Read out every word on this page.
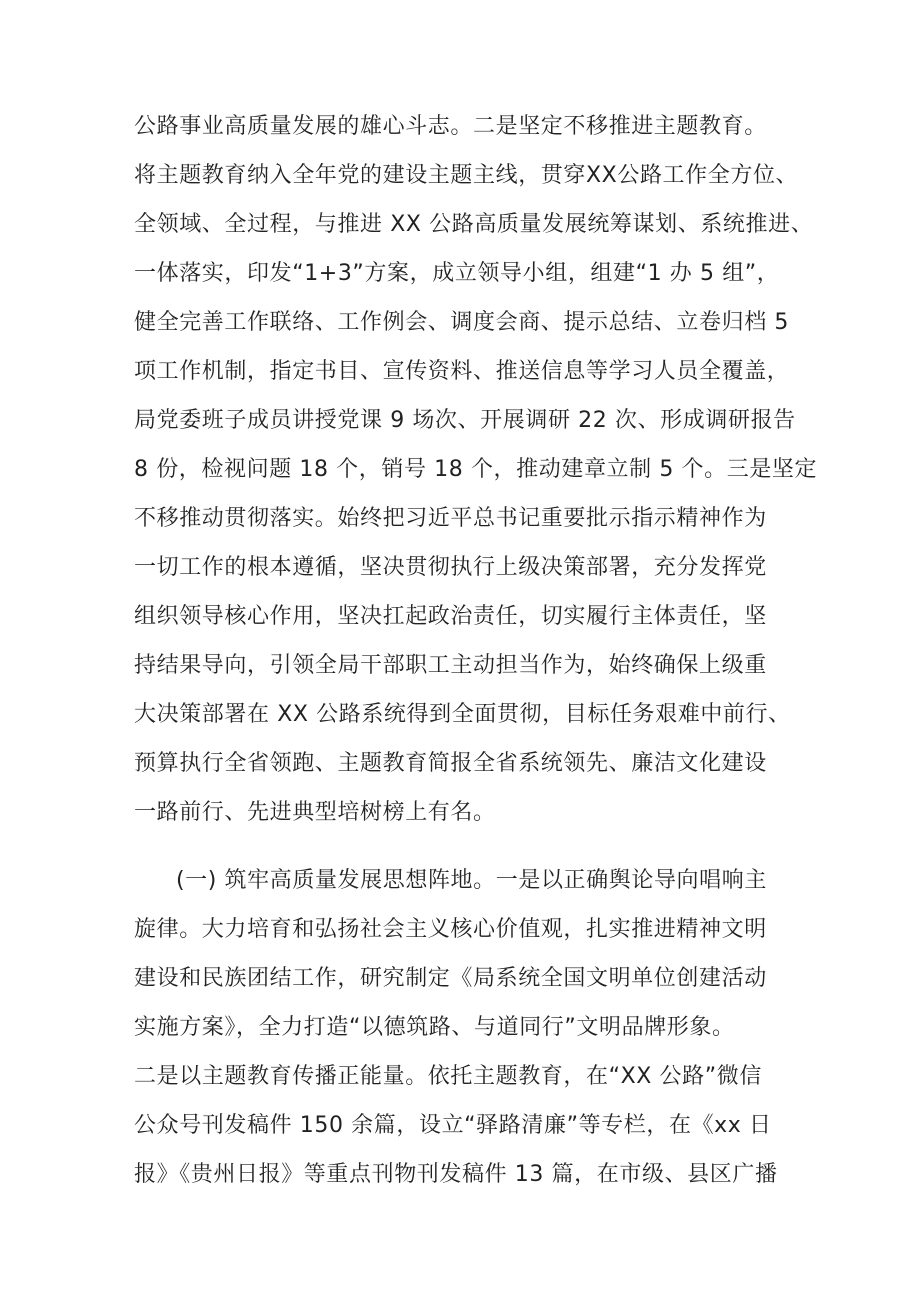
公路事业高质量发展的雄心斗志。二是坚定不移推进主题教育。
将主题教育纳入全年党的建设主题主线，贯穿XX公路工作全方位、
全领域、全过程，与推进 XX 公路高质量发展统筹谋划、系统推进、
一体落实，印发“1+3”方案，成立领导小组，组建“1 办 5 组”，
健全完善工作联络、工作例会、调度会商、提示总结、立卷归档 5
项工作机制，指定书目、宣传资料、推送信息等学习人员全覆盖，
局党委班子成员讲授党课 9 场次、开展调研 22 次、形成调研报告
8 份，检视问题 18 个，销号 18 个，推动建章立制 5 个。三是坚定
不移推动贯彻落实。始终把习近平总书记重要批示指示精神作为
一切工作的根本遵循，坚决贯彻执行上级决策部署，充分发挥党
组织领导核心作用，坚决扛起政治责任，切实履行主体责任，坚
持结果导向，引领全局干部职工主动担当作为，始终确保上级重
大决策部署在 XX 公路系统得到全面贯彻，目标任务艰难中前行、
预算执行全省领跑、主题教育简报全省系统领先、廉洁文化建设
一路前行、先进典型培树榜上有名。
(一) 筑牢高质量发展思想阵地。一是以正确舆论导向唱响主
旋律。大力培育和弘扬社会主义核心价值观，扎实推进精神文明
建设和民族团结工作，研究制定《局系统全国文明单位创建活动
实施方案》，全力打造“以德筑路、与道同行”文明品牌形象。
二是以主题教育传播正能量。依托主题教育，在“XX 公路”微信
公众号刊发稿件 150 余篇，设立“驿路清廉”等专栏，在《xx 日
报》《贵州日报》等重点刊物刊发稿件 13 篇，在市级、县区广播
